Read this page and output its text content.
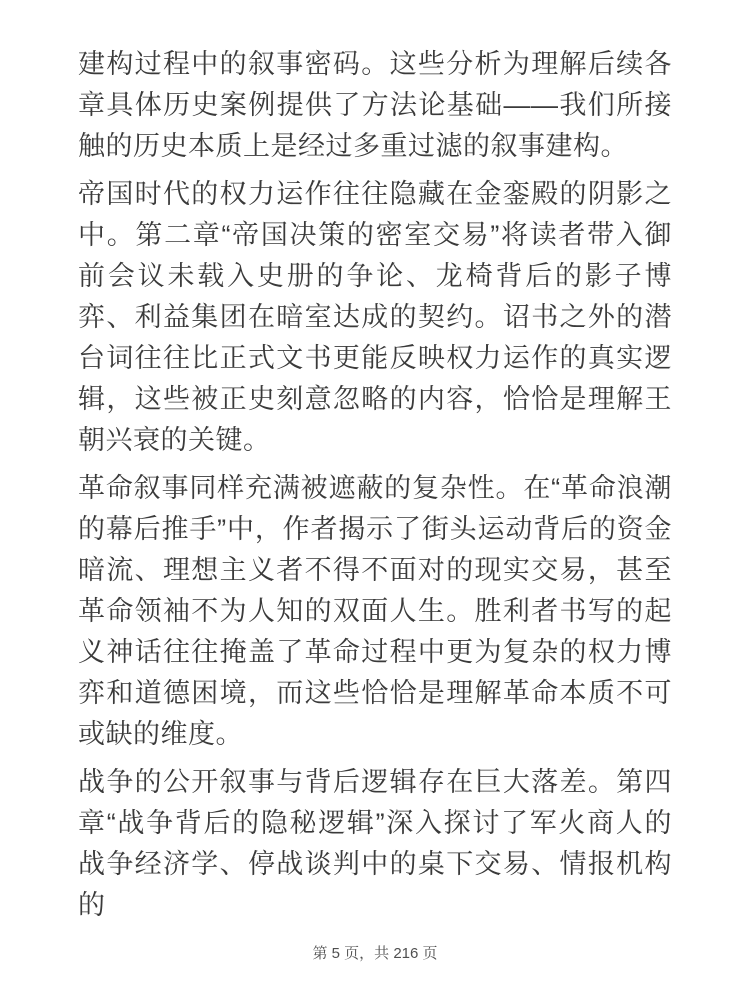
建构过程中的叙事密码。这些分析为理解后续各章具体历史案例提供了方法论基础——我们所接触的历史本质上是经过多重过滤的叙事建构。

帝国时代的权力运作往往隐藏在金銮殿的阴影之中。第二章“帝国决策的密室交易”将读者带入御前会议未载入史册的争论、龙椅背后的影子博弈、利益集团在暗室达成的契约。诏书之外的潜台词往往比正式文书更能反映权力运作的真实逻辑，这些被正史刻意忽略的内容，恰恰是理解王朝兴衰的关键。

革命叙事同样充满被遮蔽的复杂性。在“革命浪潮的幕后推手”中，作者揭示了街头运动背后的资金暗流、理想主义者不得不面对的现实交易，甚至革命领袖不为人知的双面人生。胜利者书写的起义神话往往掩盖了革命过程中更为复杂的权力博弈和道德困境，而这些恰恰是理解革命本质不可或缺的维度。

战争的公开叙事与背后逻辑存在巨大落差。第四章“战争背后的隐秘逻辑”深入探讨了军火商人的战争经济学、停战谈判中的桌下交易、情报机构的

第 5 页，共 216 页
